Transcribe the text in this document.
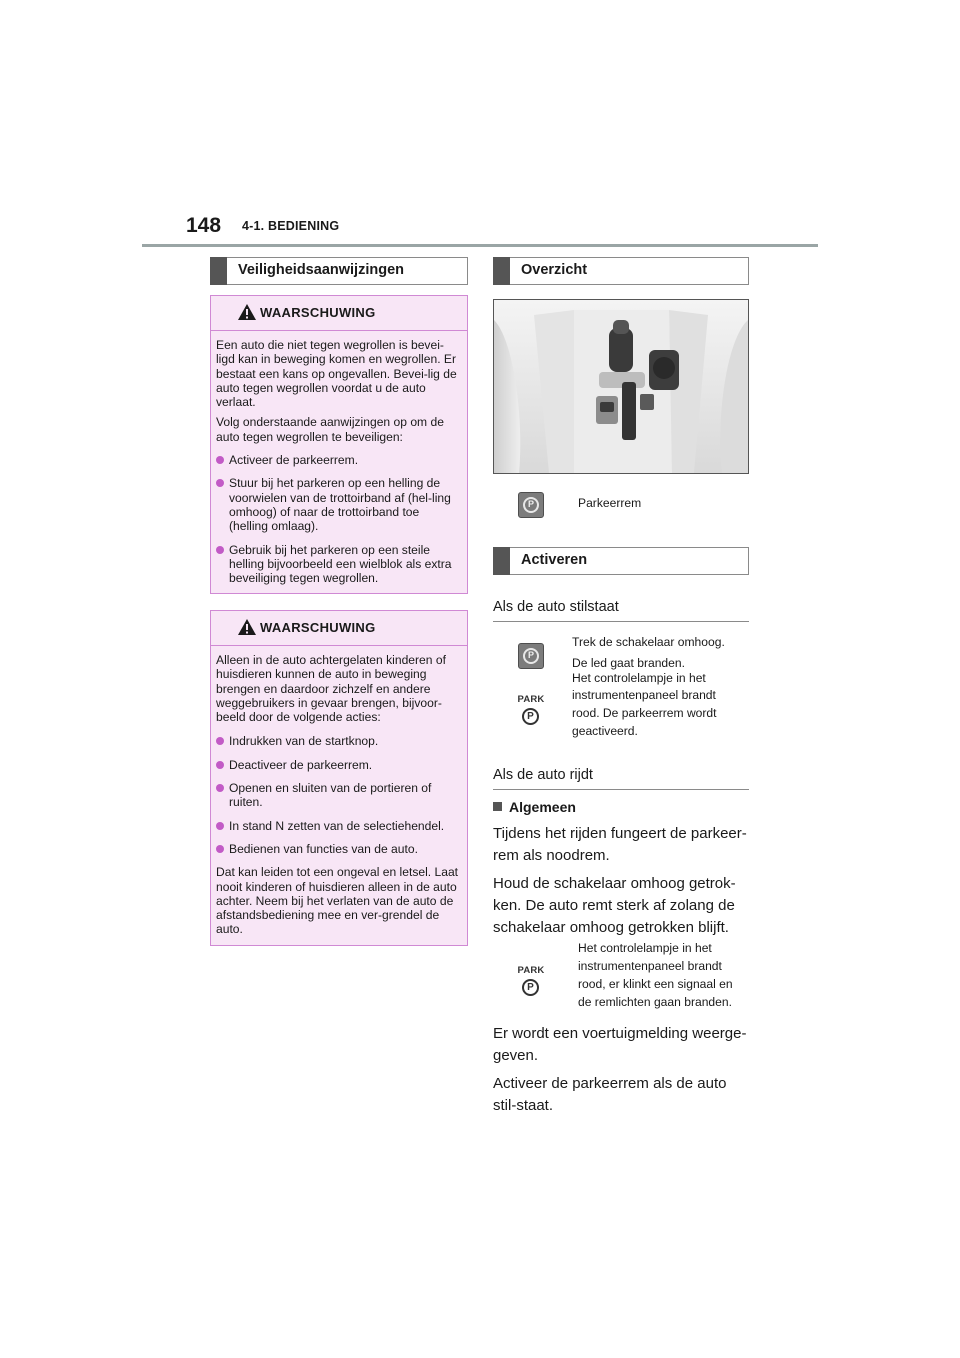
148 4-1. BEDIENING
Veiligheidsaanwijzingen
WAARSCHUWING

Een auto die niet tegen wegrollen is bevei-ligd kan in beweging komen en wegrollen. Er bestaat een kans op ongevallen. Bevei-lig de auto tegen wegrollen voordat u de auto verlaat.

Volg onderstaande aanwijzingen op om de auto tegen wegrollen te beveiligen:

Activeer de parkeerrem.
Stuur bij het parkeren op een helling de voorwielen van de trottoirband af (hel-ling omhoog) of naar de trottoirband toe (helling omlaag).
Gebruik bij het parkeren op een steile helling bijvoorbeeld een wielblok als extra beveiliging tegen wegrollen.
WAARSCHUWING

Alleen in de auto achtergelaten kinderen of huisdieren kunnen de auto in beweging brengen en daardoor zichzelf en andere weggebruikers in gevaar brengen, bijvoor-beeld door de volgende acties:

Indrukken van de startknop.
Deactiveer de parkeerrem.
Openen en sluiten van de portieren of ruiten.
In stand N zetten van de selectiehendel.
Bedienen van functies van de auto.

Dat kan leiden tot een ongeval en letsel. Laat nooit kinderen of huisdieren alleen in de auto achter. Neem bij het verlaten van de auto de afstandsbediening mee en ver-grendel de auto.

Overzicht
P	Parkeerrem
Activeren
Als de auto stilstaat
P
PARK
P
Trek de schakelaar omhoog.
De led gaat branden.
Het controlelampje in het
instrumentenpaneel brandt
rood. De parkeerrem wordt
geactiveerd.
Als de auto rijdt
Algemeen

Tijdens het rijden fungeert de parkeer-rem als noodrem.

Houd de schakelaar omhoog getrok-ken. De auto remt sterk af zolang de schakelaar omhoog getrokken blijft.

PARK
P
Het controlelampje in het
instrumentenpaneel brandt
rood, er klinkt een signaal en
de remlichten gaan branden.

Er wordt een voertuigmelding weerge-geven.

Activeer de parkeerrem als de auto stil-staat.
